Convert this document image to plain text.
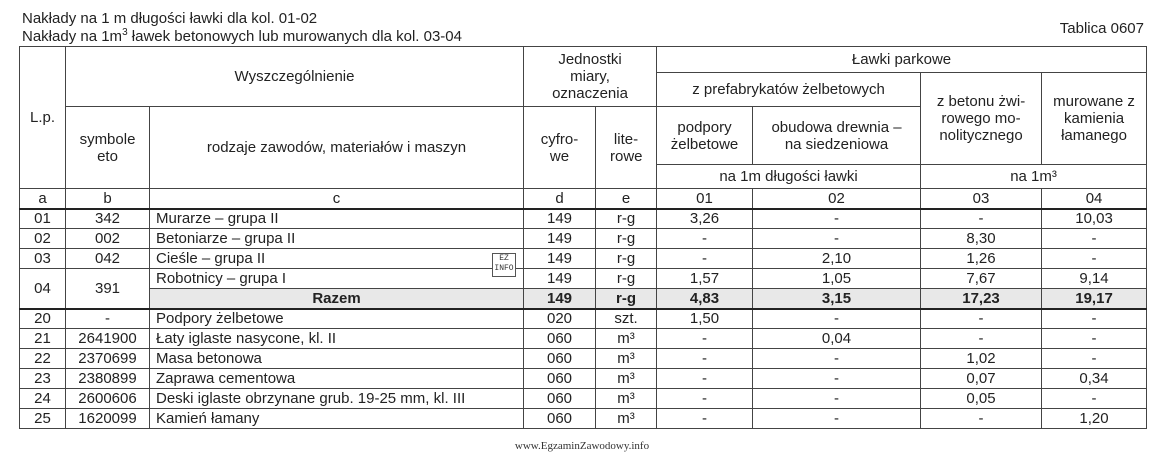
Nakłady na 1 m długości ławki dla kol. 01-02
Nakłady na $1m^3$ ławek betonowych lub murowanych dla kol. 03-04	Tablica 0607
L.p.	Wyszczególnienie		Jednostki miary, oznaczenia		Ławki parkowe			
					z prefabrykatów żelbetowych		z betonu żwi-rowego mo-nolitycznego	murowane z kamienia łamanego
	symbole eto	rodzaje zawodów, materiałów i maszyn	cyfro-we	lite-rowe	podpory żelbetowe	obudowa drewnia – na siedzeniowa		
					na 1m długości ławki		na 1m³	
a	b	c	d	e	01	02	03	04
01	342	Murarze – grupa II	149	r-g	3,26	-	-	10,03
02	002	Betoniarze – grupa II	149	r-g	-	-	8,30	-
03	042	Cieśle – grupa II	149	r-g	-	2,10	1,26	-
04	391	Robotnicy – grupa I	149	r-g	1,57	1,05	7,67	9,14
		Razem	149	r-g	4,83	3,15	17,23	19,17
20	-	Podpory żelbetowe	020	szt.	1,50	-	-	-
21	2641900	Łaty iglaste nasycone, kl. II	060	m³	-	0,04	-	-
22	2370699	Masa betonowa	060	m³	-	-	1,02	-
23	2380899	Zaprawa cementowa	060	m³	-	-	0,07	0,34
24	2600606	Deski iglaste obrzynane grub. 19-25 mm, kl. III	060	m³	-	-	0,05	-
25	1620099	Kamień łamany	060	m³	-	-	-	1,20
EZ INFO
www.EgzaminZawodowy.info
